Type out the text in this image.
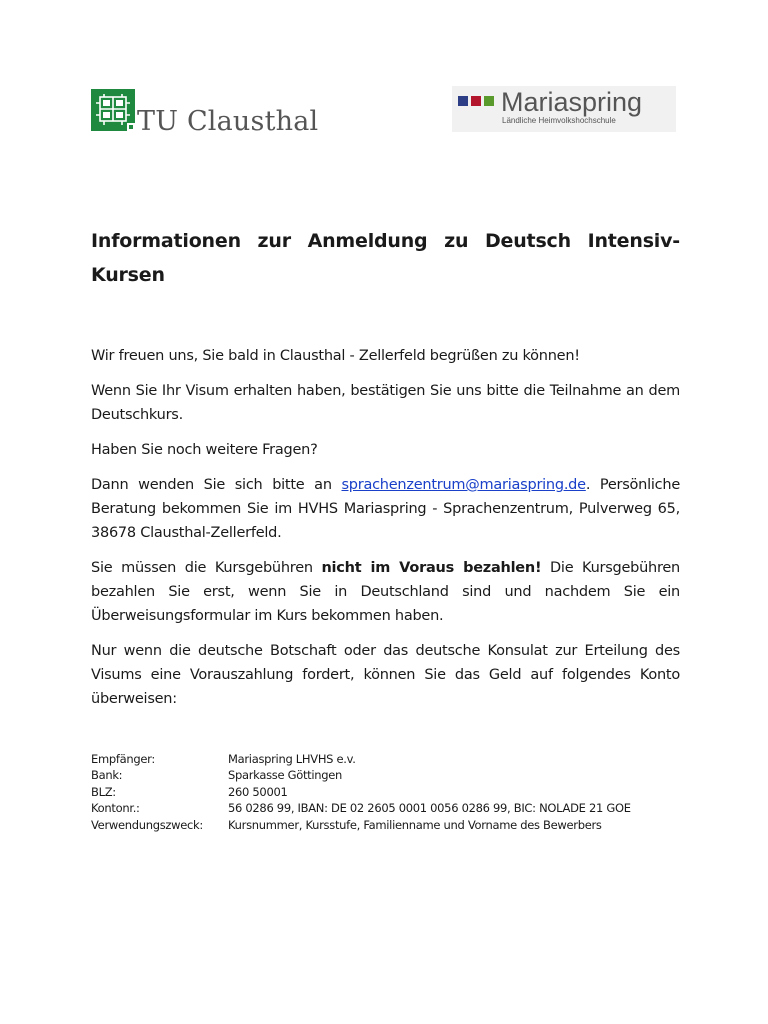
TU Clausthal
Mariaspring
Ländliche Heimvolkshochschule
Informationen zur Anmeldung zu Deutsch Intensiv-Kursen

Wir freuen uns, Sie bald in Clausthal - Zellerfeld begrüßen zu können!

Wenn Sie Ihr Visum erhalten haben, bestätigen Sie uns bitte die Teilnahme an dem Deutschkurs.

Haben Sie noch weitere Fragen?

Dann wenden Sie sich bitte an sprachenzentrum@mariaspring.de. Persönliche Beratung bekommen Sie im HVHS Mariaspring - Sprachenzentrum, Pulverweg 65, 38678 Clausthal-Zellerfeld.

Sie müssen die Kursgebühren nicht im Voraus bezahlen! Die Kursgebühren bezahlen Sie erst, wenn Sie in Deutschland sind und nachdem Sie ein Überweisungsformular im Kurs bekommen haben.

Nur wenn die deutsche Botschaft oder das deutsche Konsulat zur Erteilung des Visums eine Vorauszahlung fordert, können Sie das Geld auf folgendes Konto überweisen:

Empfänger:	Mariaspring LHVHS e.v.
Bank:	Sparkasse Göttingen
BLZ:	260 50001
Kontonr.:	56 0286 99, IBAN: DE 02 2605 0001 0056 0286 99, BIC: NOLADE 21 GOE
Verwendungszweck:	Kursnummer, Kursstufe, Familienname und Vorname des Bewerbers
